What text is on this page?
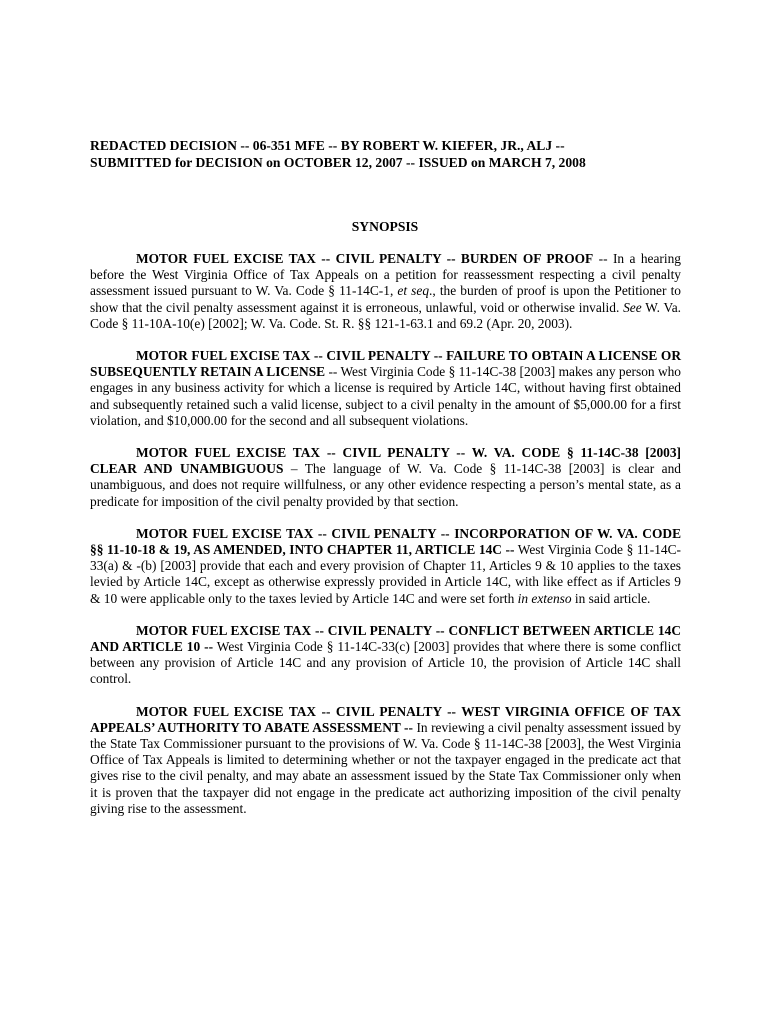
REDACTED DECISION -- 06-351 MFE -- BY ROBERT W. KIEFER, JR., ALJ --
SUBMITTED for DECISION on OCTOBER 12, 2007 -- ISSUED on MARCH 7, 2008
SYNOPSIS

MOTOR FUEL EXCISE TAX -- CIVIL PENALTY -- BURDEN OF PROOF -- In a hearing before the West Virginia Office of Tax Appeals on a petition for reassessment respecting a civil penalty assessment issued pursuant to W. Va. Code § 11-14C-1, et seq., the burden of proof is upon the Petitioner to show that the civil penalty assessment against it is erroneous, unlawful, void or otherwise invalid. See W. Va. Code § 11-10A-10(e) [2002]; W. Va. Code. St. R. §§ 121-1-63.1 and 69.2 (Apr. 20, 2003).

MOTOR FUEL EXCISE TAX -- CIVIL PENALTY -- FAILURE TO OBTAIN A LICENSE OR SUBSEQUENTLY RETAIN A LICENSE -- West Virginia Code § 11-14C-38 [2003] makes any person who engages in any business activity for which a license is required by Article 14C, without having first obtained and subsequently retained such a valid license, subject to a civil penalty in the amount of $5,000.00 for a first violation, and $10,000.00 for the second and all subsequent violations.

MOTOR FUEL EXCISE TAX -- CIVIL PENALTY -- W. VA. CODE § 11-14C-38 [2003] CLEAR AND UNAMBIGUOUS – The language of W. Va. Code § 11-14C-38 [2003] is clear and unambiguous, and does not require willfulness, or any other evidence respecting a person’s mental state, as a predicate for imposition of the civil penalty provided by that section.

MOTOR FUEL EXCISE TAX -- CIVIL PENALTY -- INCORPORATION OF W. VA. CODE §§ 11-10-18 & 19, AS AMENDED, INTO CHAPTER 11, ARTICLE 14C -- West Virginia Code § 11-14C-33(a) & -(b) [2003] provide that each and every provision of Chapter 11, Articles 9 & 10 applies to the taxes levied by Article 14C, except as otherwise expressly provided in Article 14C, with like effect as if Articles 9 & 10 were applicable only to the taxes levied by Article 14C and were set forth in extenso in said article.

MOTOR FUEL EXCISE TAX -- CIVIL PENALTY -- CONFLICT BETWEEN ARTICLE 14C AND ARTICLE 10 -- West Virginia Code § 11-14C-33(c) [2003] provides that where there is some conflict between any provision of Article 14C and any provision of Article 10, the provision of Article 14C shall control.

MOTOR FUEL EXCISE TAX -- CIVIL PENALTY -- WEST VIRGINIA OFFICE OF TAX APPEALS’ AUTHORITY TO ABATE ASSESSMENT -- In reviewing a civil penalty assessment issued by the State Tax Commissioner pursuant to the provisions of W. Va. Code § 11-14C-38 [2003], the West Virginia Office of Tax Appeals is limited to determining whether or not the taxpayer engaged in the predicate act that gives rise to the civil penalty, and may abate an assessment issued by the State Tax Commissioner only when it is proven that the taxpayer did not engage in the predicate act authorizing imposition of the civil penalty giving rise to the assessment.
